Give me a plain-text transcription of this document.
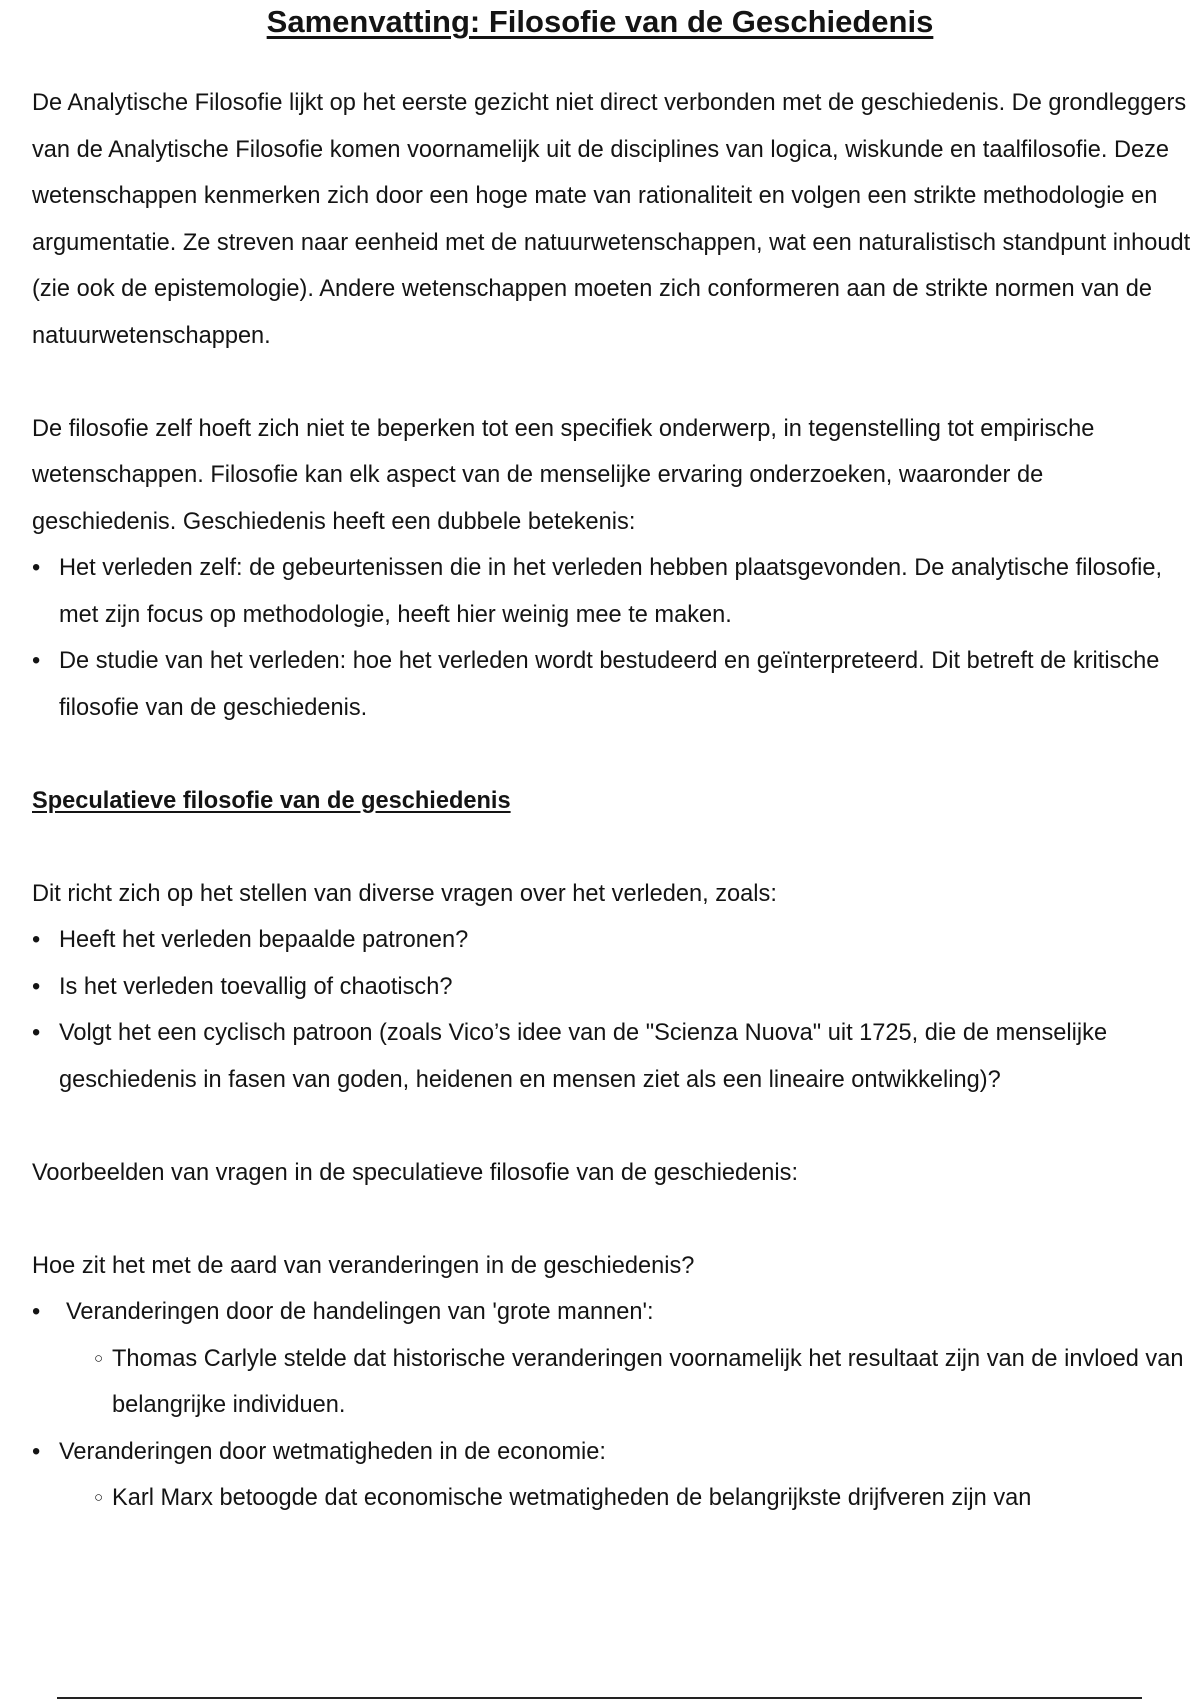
Samenvatting: Filosofie van de Geschiedenis

De Analytische Filosofie lijkt op het eerste gezicht niet direct verbonden met de geschiedenis. De grondleggers van de Analytische Filosofie komen voornamelijk uit de disciplines van logica, wiskunde en taalfilosofie. Deze wetenschappen kenmerken zich door een hoge mate van rationaliteit en volgen een strikte methodologie en argumentatie. Ze streven naar eenheid met de natuurwetenschappen, wat een naturalistisch standpunt inhoudt (zie ook de epistemologie). Andere wetenschappen moeten zich conformeren aan de strikte normen van de natuurwetenschappen.

De filosofie zelf hoeft zich niet te beperken tot een specifiek onderwerp, in tegenstelling tot empirische wetenschappen. Filosofie kan elk aspect van de menselijke ervaring onderzoeken, waaronder de geschiedenis. Geschiedenis heeft een dubbele betekenis:

• Het verleden zelf: de gebeurtenissen die in het verleden hebben plaatsgevonden. De analytische filosofie, met zijn focus op methodologie, heeft hier weinig mee te maken.
• De studie van het verleden: hoe het verleden wordt bestudeerd en geïnterpreteerd. Dit betreft de kritische filosofie van de geschiedenis.
Speculatieve filosofie van de geschiedenis

Dit richt zich op het stellen van diverse vragen over het verleden, zoals:

• Heeft het verleden bepaalde patronen?
• Is het verleden toevallig of chaotisch?
• Volgt het een cyclisch patroon (zoals Vico’s idee van de "Scienza Nuova" uit 1725, die de menselijke geschiedenis in fasen van goden, heidenen en mensen ziet als een lineaire ontwikkeling)?

Voorbeelden van vragen in de speculatieve filosofie van de geschiedenis:

Hoe zit het met de aard van veranderingen in de geschiedenis?

• Veranderingen door de handelingen van 'grote mannen':
○ Thomas Carlyle stelde dat historische veranderingen voornamelijk het resultaat zijn van de invloed van belangrijke individuen.
• Veranderingen door wetmatigheden in de economie:
○ Karl Marx betoogde dat economische wetmatigheden de belangrijkste drijfveren zijn van
